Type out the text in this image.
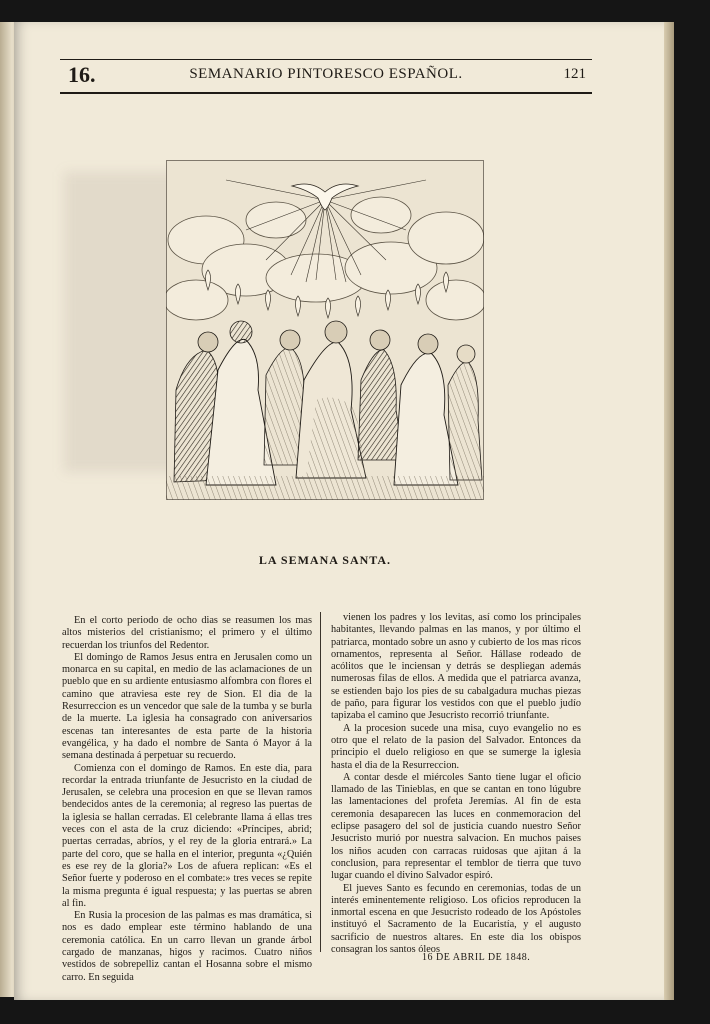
16.	SEMANARIO PINTORESCO ESPAÑOL.	121
LA SEMANA SANTA.

En el corto periodo de ocho dias se reasumen los mas altos misterios del cristianismo; el primero y el último recuerdan los triunfos del Redentor.

El domingo de Ramos Jesus entra en Jerusalen como un monarca en su capital, en medio de las aclamaciones de un pueblo que en su ardiente entusiasmo alfombra con flores el camino que atraviesa este rey de Sion. El dia de la Resurreccion es un vencedor que sale de la tumba y se burla de la muerte. La iglesia ha consagrado con aniversarios escenas tan interesantes de esta parte de la historia evangélica, y ha dado el nombre de Santa ó Mayor á la semana destinada á perpetuar su recuerdo.

Comienza con el domingo de Ramos. En este dia, para recordar la entrada triunfante de Jesucristo en la ciudad de Jerusalen, se celebra una procesion en que se llevan ramos bendecidos antes de la ceremonia; al regreso las puertas de la iglesia se hallan cerradas. El celebrante llama á ellas tres veces con el asta de la cruz diciendo: «Príncipes, abrid; puertas cerradas, abríos, y el rey de la gloria entrará.» La parte del coro, que se halla en el interior, pregunta «¿Quién es ese rey de la gloria?» Los de afuera replican: «Es el Señor fuerte y poderoso en el combate:» tres veces se repite la misma pregunta é igual respuesta; y las puertas se abren al fin.

En Rusia la procesion de las palmas es mas dramática, si nos es dado emplear este término hablando de una ceremonia católica. En un carro llevan un grande árbol cargado de manzanas, higos y racimos. Cuatro niños vestidos de sobrepelliz cantan el Hosanna sobre el mismo carro. En seguida

vienen los padres y los levitas, así como los principales habitantes, llevando palmas en las manos, y por último el patriarca, montado sobre un asno y cubierto de los mas ricos ornamentos, representa al Señor. Hállase rodeado de acólitos que le inciensan y detrás se despliegan además numerosas filas de ellos. A medida que el patriarca avanza, se estienden bajo los pies de su cabalgadura muchas piezas de paño, para figurar los vestidos con que el pueblo judío tapizaba el camino que Jesucristo recorrió triunfante.

A la procesion sucede una misa, cuyo evangelio no es otro que el relato de la pasion del Salvador. Entonces da principio el duelo religioso en que se sumerge la iglesia hasta el dia de la Resurreccion.

A contar desde el miércoles Santo tiene lugar el oficio llamado de las Tinieblas, en que se cantan en tono lúgubre las lamentaciones del profeta Jeremías. Al fin de esta ceremonia desaparecen las luces en conmemoracion del eclipse pasagero del sol de justicia cuando nuestro Señor Jesucristo murió por nuestra salvacion. En muchos paises los niños acuden con carracas ruidosas que ajitan á la conclusion, para representar el temblor de tierra que tuvo lugar cuando el divino Salvador espiró.

El jueves Santo es fecundo en ceremonias, todas de un interés eminentemente religioso. Los oficios reproducen la inmortal escena en que Jesucristo rodeado de los Apóstoles instituyó el Sacramento de la Eucaristía, y el augusto sacrificio de nuestros altares. En este dia los obispos consagran los santos óleos

16 DE ABRIL DE 1848.
